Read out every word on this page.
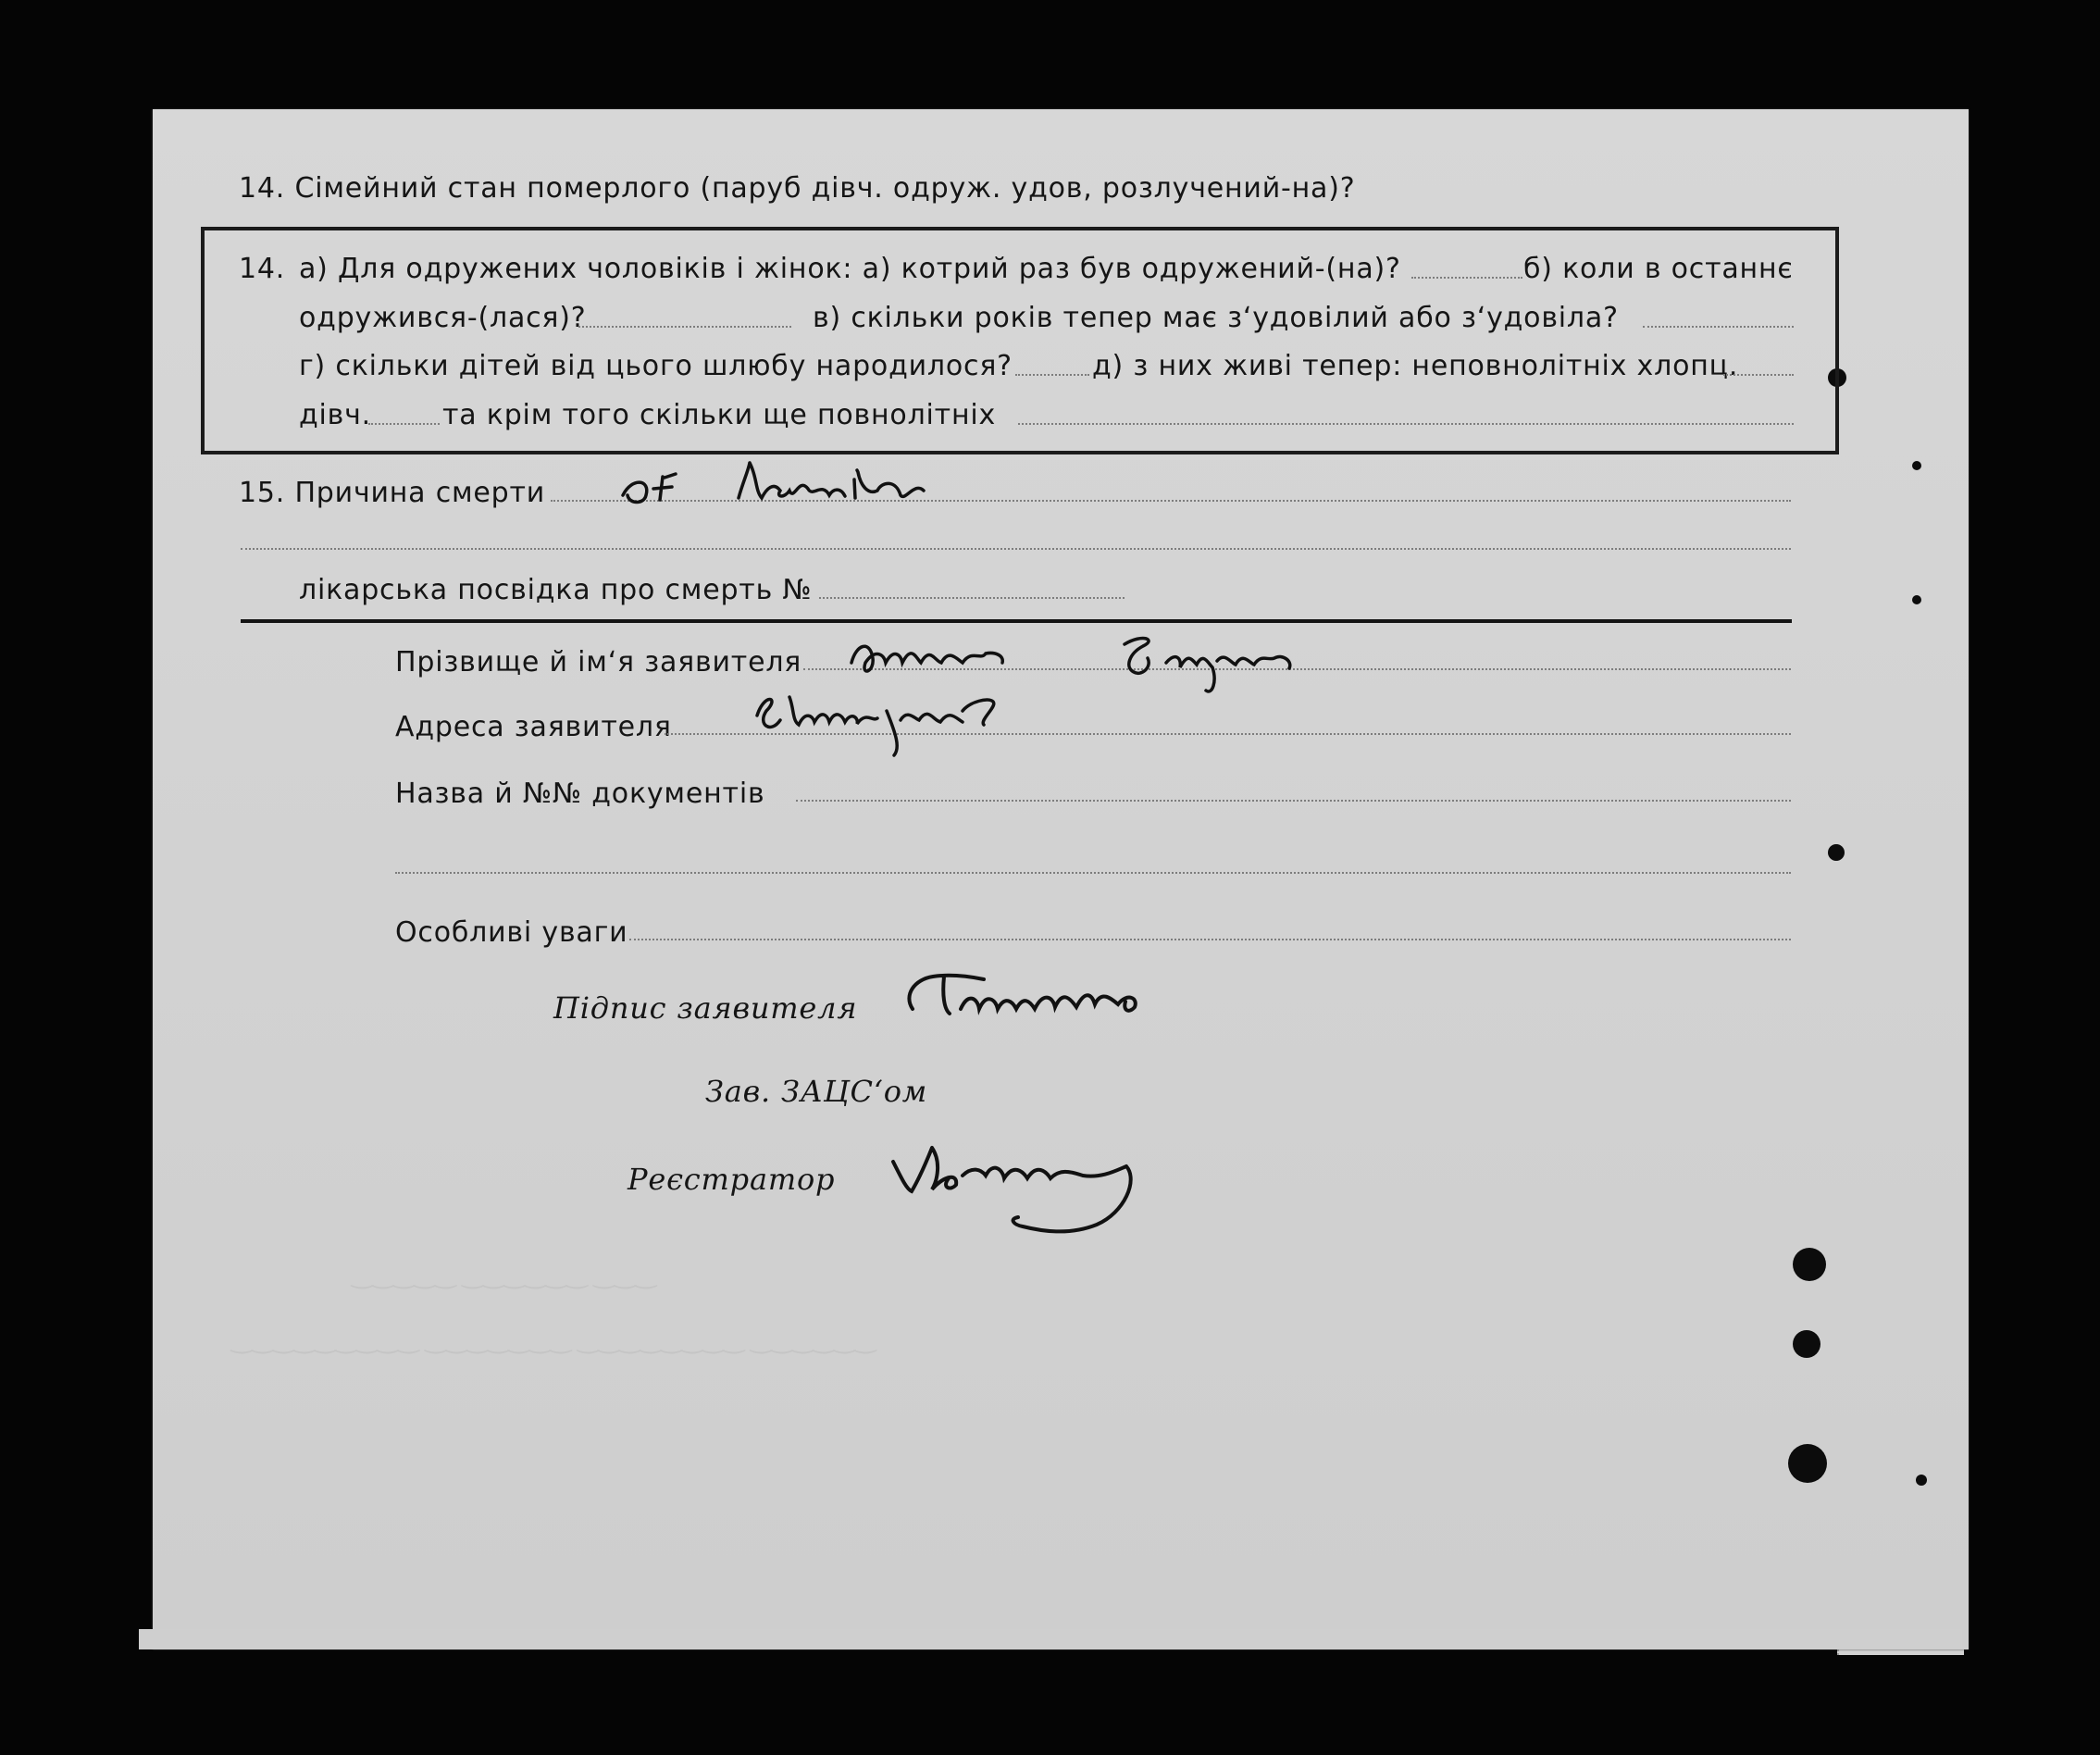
‿‿‿‿‿ ‿‿‿‿‿‿ ‿‿‿
‿‿‿‿‿‿‿‿‿ ‿‿‿‿‿‿‿ ‿‿‿‿‿‿‿‿ ‿‿‿‿‿‿
14. Сімейний стан померлого (паруб дівч. одруж. удов, розлучений-на)?
14. а) Для одружених чоловіків і жінок: а) котрий раз був одружений-(на)?	б) коли в останнє
одружився-(лася)?	в) скільки років тепер має з‘удовілий або з‘удовіла?
г) скільки дітей від цього шлюбу народилося?	д) з них живі тепер: неповнолітніх хлопц.
дівч.	та крім того скільки ще повнолітніх
15. Причина смерти
лікарська посвідка про смерть №
Прізвище й ім‘я заявителя
Адреса заявителя
Назва й №№ документів
Особливі уваги
Підпис заявителя
Зав. ЗАЦС‘ом
Реєстратор
